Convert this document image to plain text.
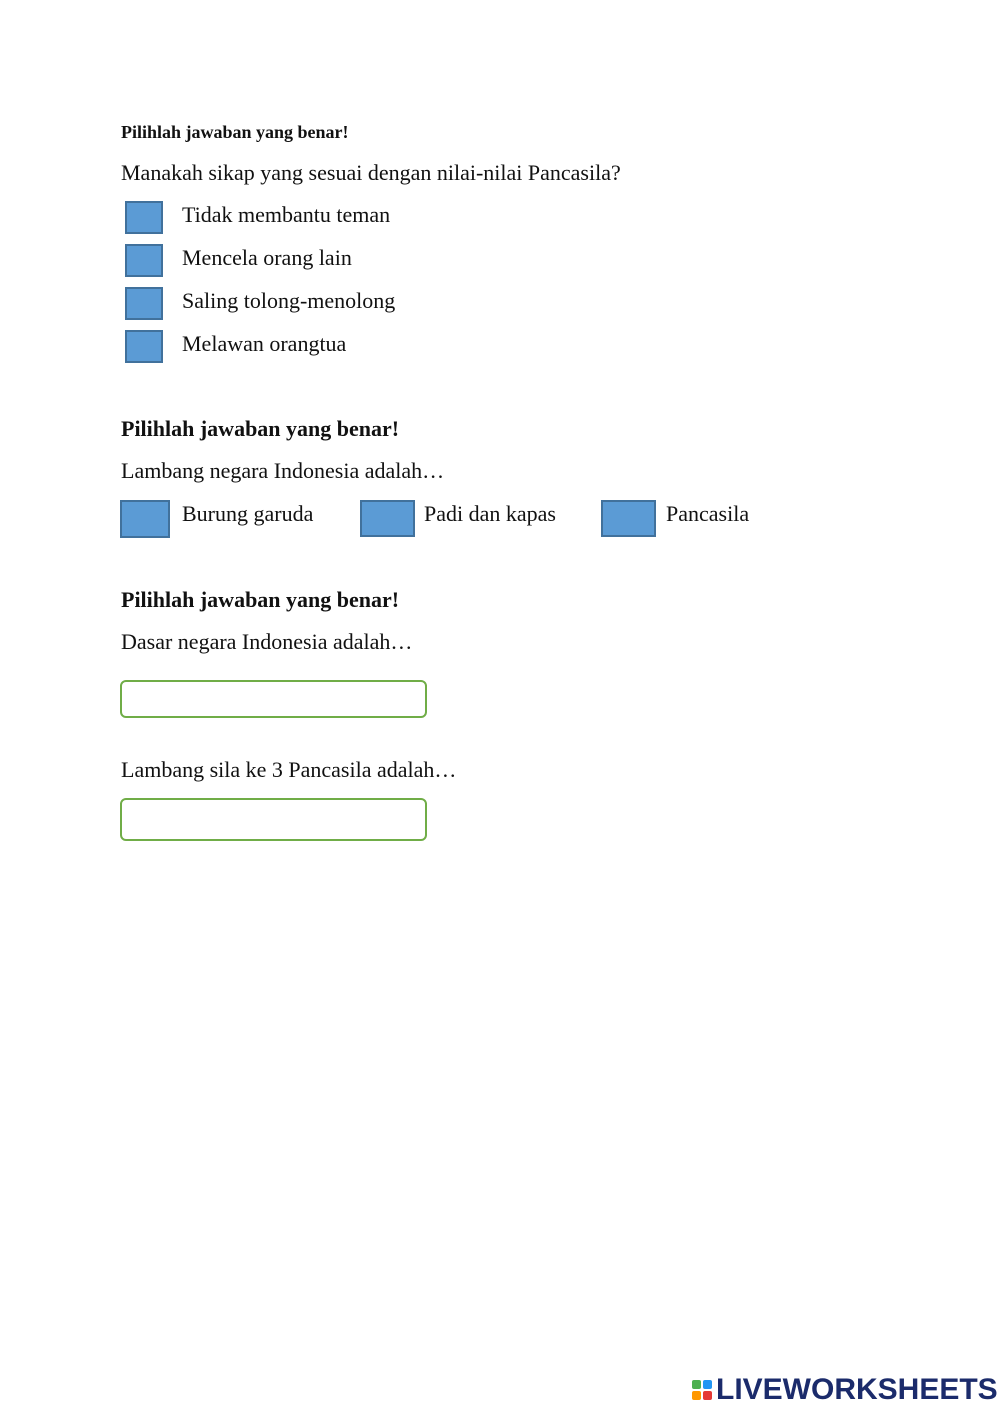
Pilihlah jawaban yang benar!
Manakah sikap yang sesuai dengan nilai-nilai Pancasila?
Tidak membantu teman
Mencela orang lain
Saling tolong-menolong
Melawan orangtua
Pilihlah jawaban yang benar!
Lambang negara Indonesia adalah…
Burung garuda	Padi dan kapas	Pancasila
Pilihlah jawaban yang benar!
Dasar negara Indonesia adalah…
Lambang sila ke 3 Pancasila adalah…
LIVEWORKSHEETS
